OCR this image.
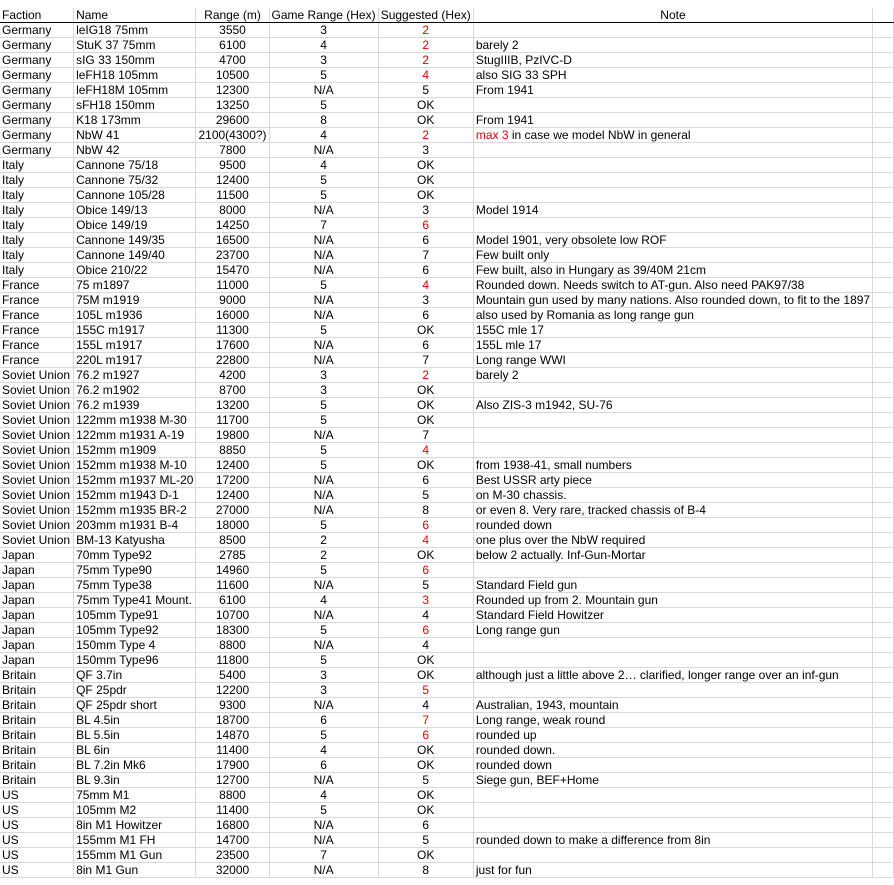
Faction	Name	Range (m)	Game Range (Hex)	Suggested (Hex)	Note	
Germany	leIG18 75mm	3550	3	2		
Germany	StuK 37 75mm	6100	4	2	barely 2	
Germany	sIG 33 150mm	4700	3	2	StugIIIB, PzIVC-D	
Germany	leFH18 105mm	10500	5	4	also SIG 33 SPH	
Germany	leFH18M 105mm	12300	N/A	5	From 1941	
Germany	sFH18 150mm	13250	5	OK		
Germany	K18 173mm	29600	8	OK	From 1941	
Germany	NbW 41	2100(4300?)	4	2	max 3 in case we model NbW in general	
Germany	NbW 42	7800	N/A	3		
Italy	Cannone 75/18	9500	4	OK		
Italy	Cannone 75/32	12400	5	OK		
Italy	Cannone 105/28	11500	5	OK		
Italy	Obice 149/13	8000	N/A	3	Model 1914	
Italy	Obice 149/19	14250	7	6		
Italy	Cannone 149/35	16500	N/A	6	Model 1901, very obsolete low ROF	
Italy	Cannone 149/40	23700	N/A	7	Few built only	
Italy	Obice 210/22	15470	N/A	6	Few built, also in Hungary as 39/40M 21cm	
France	75 m1897	11000	5	4	Rounded down. Needs switch to AT-gun. Also need PAK97/38	
France	75M m1919	9000	N/A	3	Mountain gun used by many nations. Also rounded down, to fit to the 1897	
France	105L m1936	16000	N/A	6	also used by Romania as long range gun	
France	155C m1917	11300	5	OK	155C mle 17	
France	155L m1917	17600	N/A	6	155L mle 17	
France	220L m1917	22800	N/A	7	Long range WWI	
Soviet Union	76.2 m1927	4200	3	2	barely 2	
Soviet Union	76.2 m1902	8700	3	OK		
Soviet Union	76.2 m1939	13200	5	OK	Also ZIS-3 m1942, SU-76	
Soviet Union	122mm m1938 M-30	11700	5	OK		
Soviet Union	122mm m1931 A-19	19800	N/A	7		
Soviet Union	152mm m1909	8850	5	4		
Soviet Union	152mm m1938 M-10	12400	5	OK	from 1938-41, small numbers	
Soviet Union	152mm m1937 ML-20	17200	N/A	6	Best USSR arty piece	
Soviet Union	152mm m1943 D-1	12400	N/A	5	on M-30 chassis.	
Soviet Union	152mm m1935 BR-2	27000	N/A	8	or even 8. Very rare, tracked chassis of B-4	
Soviet Union	203mm m1931 B-4	18000	5	6	rounded down	
Soviet Union	BM-13 Katyusha	8500	2	4	one plus over the NbW required	
Japan	70mm Type92	2785	2	OK	below 2 actually. Inf-Gun-Mortar	
Japan	75mm Type90	14960	5	6		
Japan	75mm Type38	11600	N/A	5	Standard Field gun	
Japan	75mm Type41 Mount.	6100	4	3	Rounded up from 2. Mountain gun	
Japan	105mm Type91	10700	N/A	4	Standard Field Howitzer	
Japan	105mm Type92	18300	5	6	Long range gun	
Japan	150mm Type 4	8800	N/A	4		
Japan	150mm Type96	11800	5	OK		
Britain	QF 3.7in	5400	3	OK	although just a little above 2… clarified, longer range over an inf-gun	
Britain	QF 25pdr	12200	3	5		
Britain	QF 25pdr short	9300	N/A	4	Australian, 1943, mountain	
Britain	BL 4.5in	18700	6	7	Long range, weak round	
Britain	BL 5.5in	14870	5	6	rounded up	
Britain	BL 6in	11400	4	OK	rounded down.	
Britain	BL 7.2in Mk6	17900	6	OK	rounded down	
Britain	BL 9.3in	12700	N/A	5	Siege gun, BEF+Home	
US	75mm M1	8800	4	OK		
US	105mm M2	11400	5	OK		
US	8in M1 Howitzer	16800	N/A	6		
US	155mm M1 FH	14700	N/A	5	rounded down to make a difference from 8in	
US	155mm M1 Gun	23500	7	OK		
US	8in M1 Gun	32000	N/A	8	just for fun	
